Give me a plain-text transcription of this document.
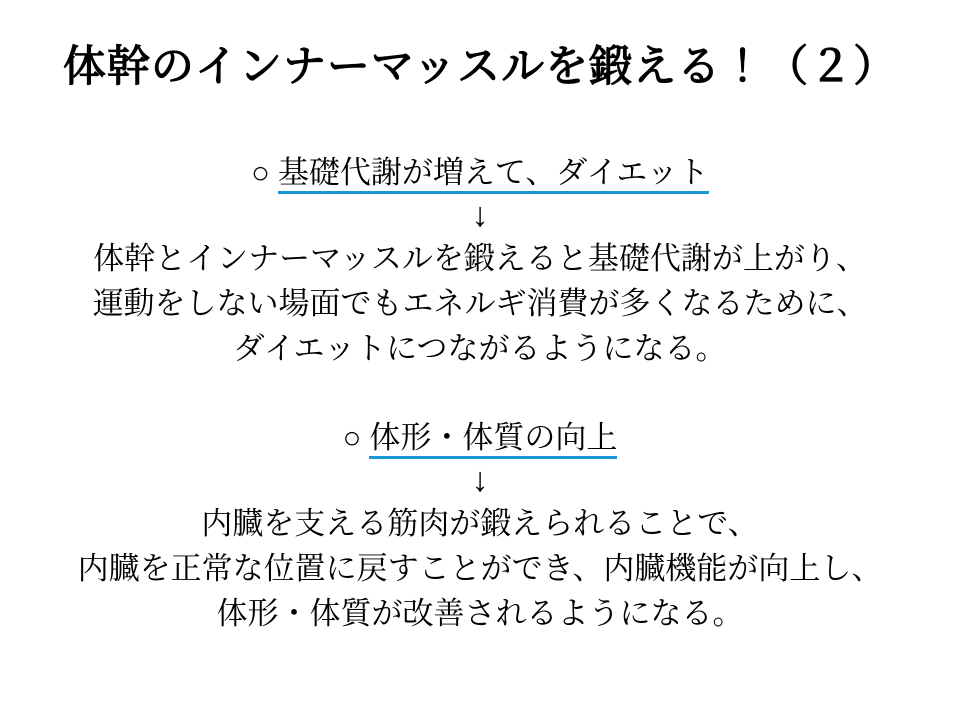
体幹のインナーマッスルを鍛える！（２）
○ 基礎代謝が増えて、ダイエット
↓
体幹とインナーマッスルを鍛えると基礎代謝が上がり、
運動をしない場面でもエネルギ消費が多くなるために、
ダイエットにつながるようになる。
○ 体形・体質の向上
↓
内臓を支える筋肉が鍛えられることで、
内臓を正常な位置に戻すことができ、内臓機能が向上し、
体形・体質が改善されるようになる。
